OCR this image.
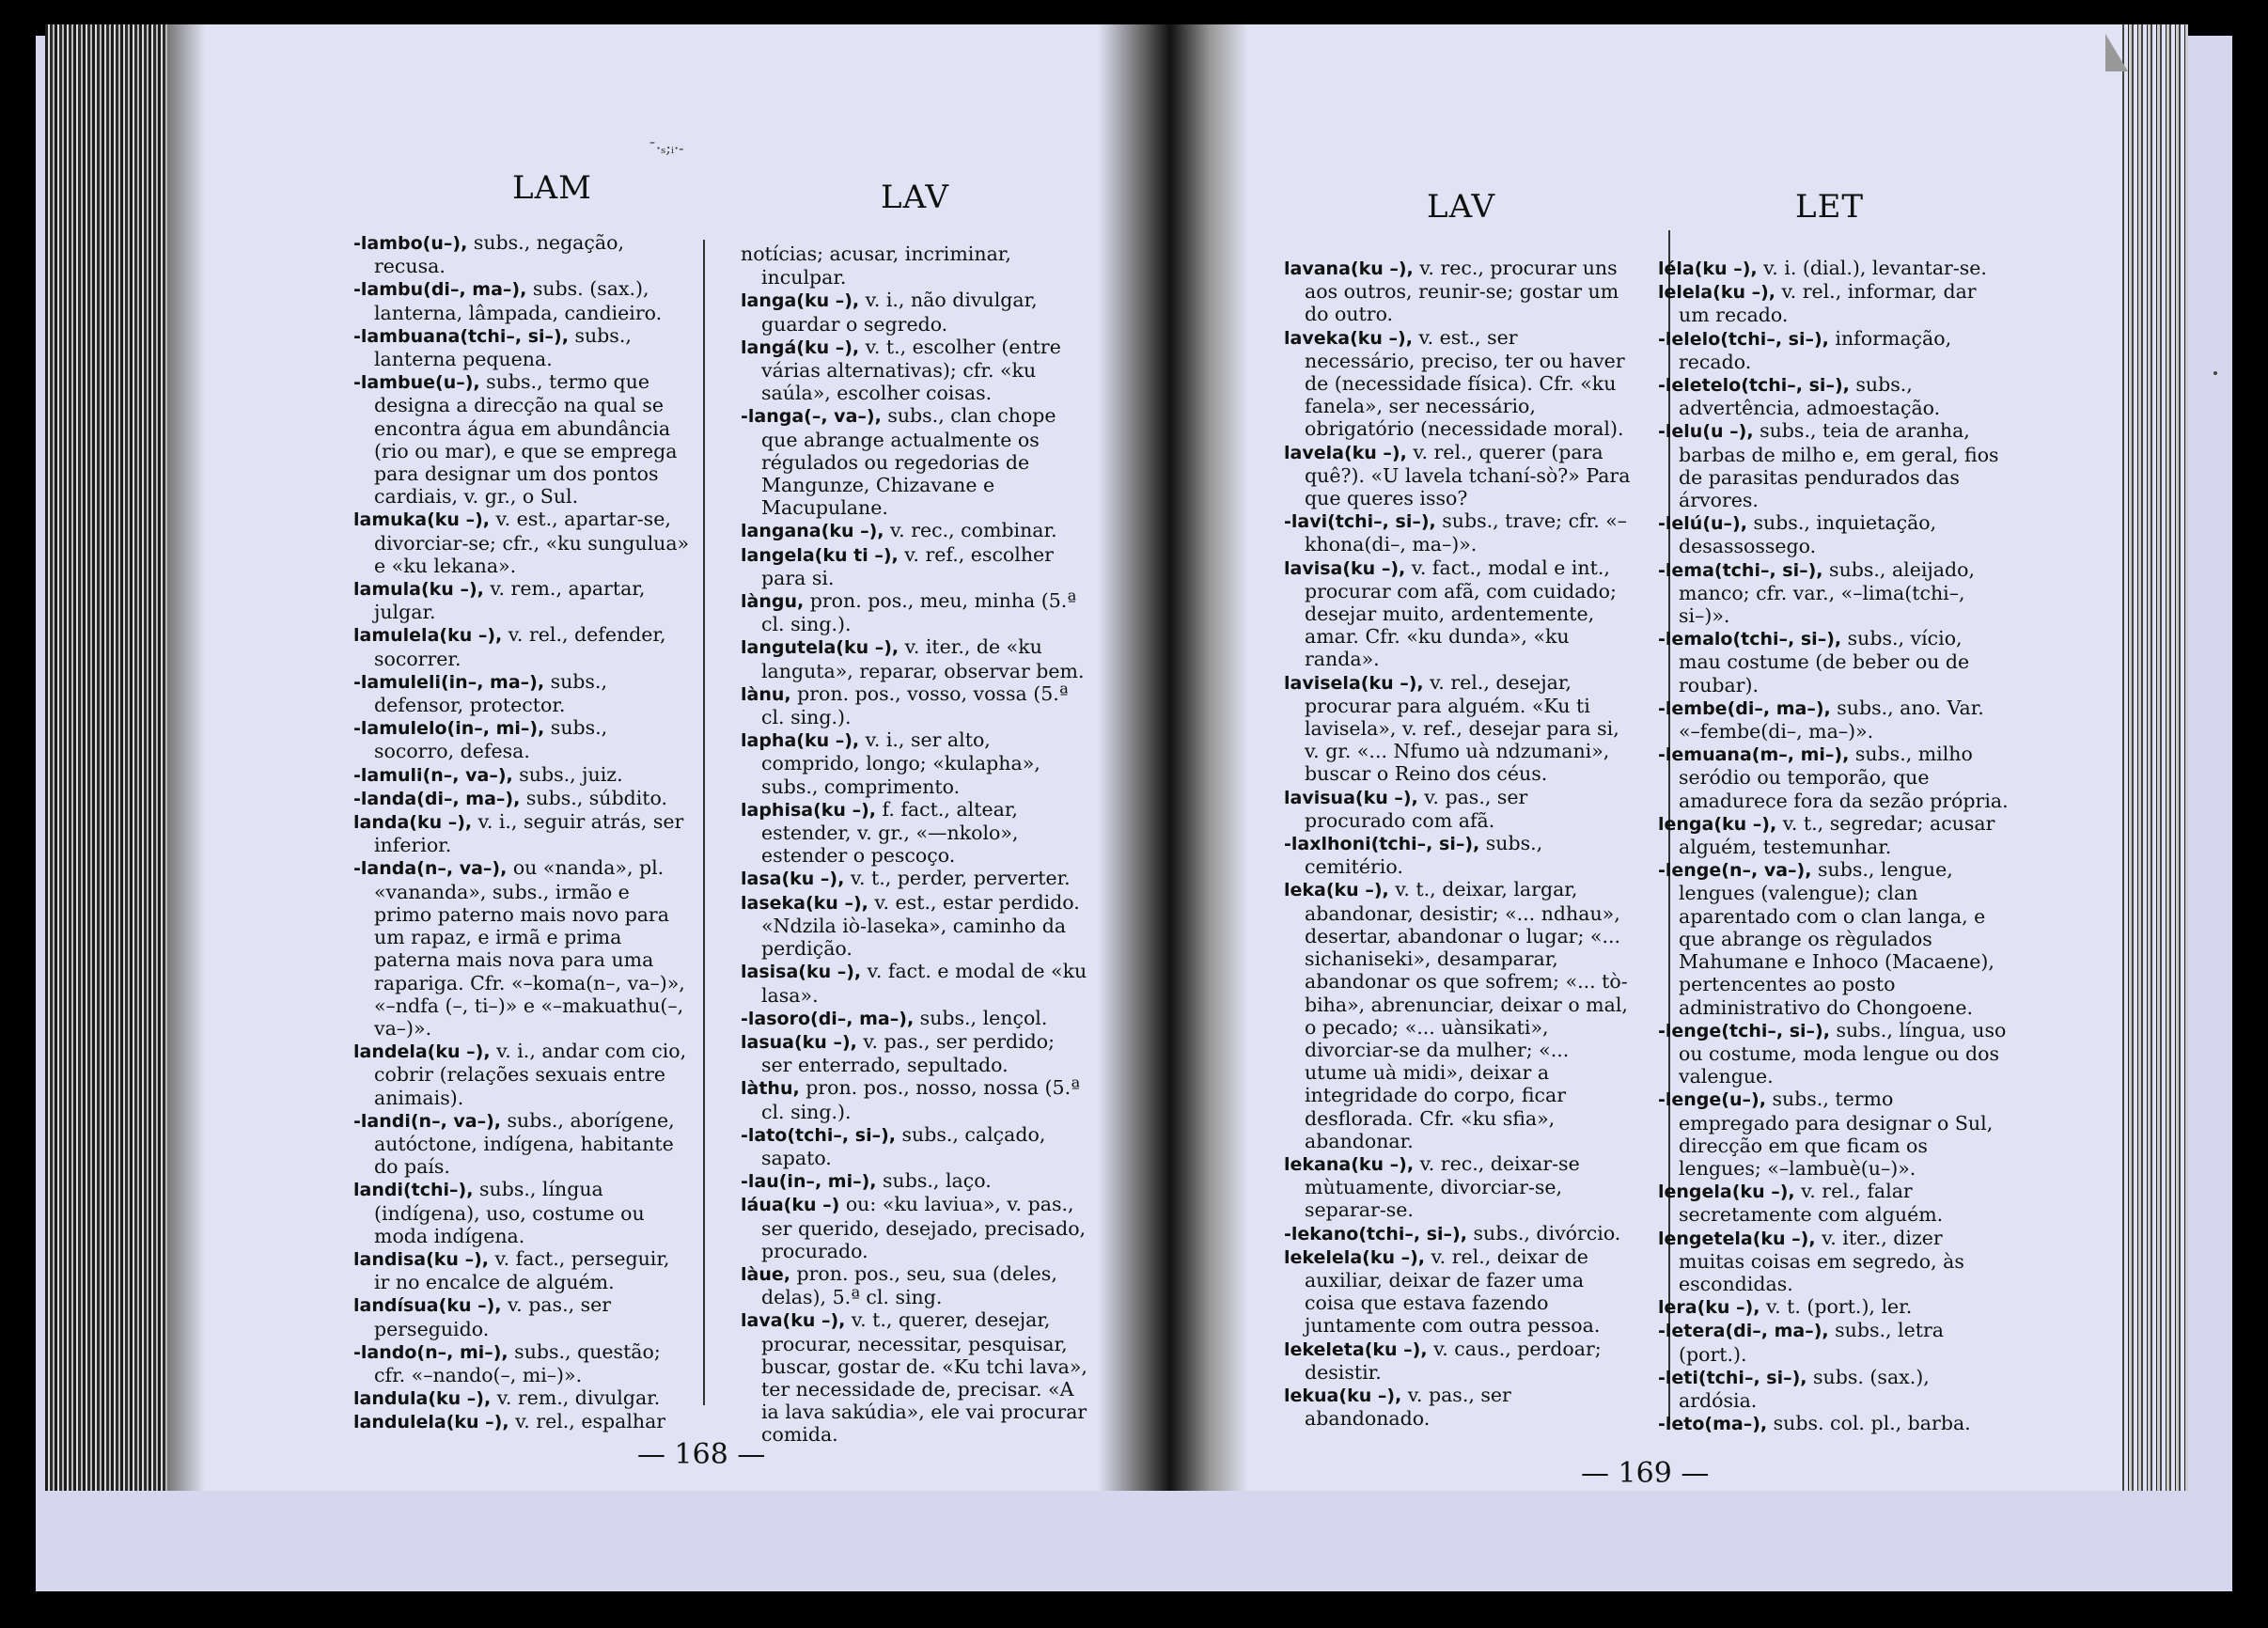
ˉ·ₛ;ᵢ·-
LAM	LAV	LAV	LET

-lambo(u–), subs., negação, recusa.

-lambu(di–, ma–), subs. (sax.), lanterna, lâmpada, candieiro.

-lambuana(tchi–, si–), subs., lanterna pequena.

-lambue(u–), subs., termo que designa a direcção na qual se encontra água em abundância (rio ou mar), e que se emprega para designar um dos pontos cardiais, v. gr., o Sul.

lamuka(ku –), v. est., apartar-se, divorciar-se; cfr., «ku sungulua» e «ku lekana».

lamula(ku –), v. rem., apartar, julgar.

lamulela(ku –), v. rel., defender, socorrer.

-lamuleli(in–, ma–), subs., defensor, protector.

-lamulelo(in–, mi–), subs., socorro, defesa.

-lamuli(n–, va–), subs., juiz.

-landa(di–, ma–), subs., súbdito.

landa(ku –), v. i., seguir atrás, ser inferior.

-landa(n–, va–), ou «nanda», pl. «vananda», subs., irmão e primo paterno mais novo para um rapaz, e irmã e prima paterna mais nova para uma rapariga. Cfr. «–koma(n–, va–)», «–ndfa (–, ti–)» e «–makuathu(–, va–)».

landela(ku –), v. i., andar com cio, cobrir (relações sexuais entre animais).

-landi(n–, va–), subs., aborígene, autóctone, indígena, habitante do país.

landi(tchi–), subs., língua (indígena), uso, costume ou moda indígena.

landisa(ku –), v. fact., perseguir, ir no encalce de alguém.

landísua(ku –), v. pas., ser perseguido.

-lando(n–, mi–), subs., questão; cfr. «–nando(–, mi–)».

landula(ku –), v. rem., divulgar.

landulela(ku –), v. rel., espalhar

notícias; acusar, incriminar, inculpar.

langa(ku –), v. i., não divulgar, guardar o segredo.

langá(ku –), v. t., escolher (entre várias alternativas); cfr. «ku saúla», escolher coisas.

-langa(–, va–), subs., clan chope que abrange actualmente os régulados ou regedorias de Mangunze, Chizavane e Macupulane.

langana(ku –), v. rec., combinar.

langela(ku ti –), v. ref., escolher para si.

làngu, pron. pos., meu, minha (5.ª cl. sing.).

langutela(ku –), v. iter., de «ku languta», reparar, observar bem.

lànu, pron. pos., vosso, vossa (5.ª cl. sing.).

lapha(ku –), v. i., ser alto, comprido, longo; «kulapha», subs., comprimento.

laphisa(ku –), f. fact., altear, estender, v. gr., «—nkolo», estender o pescoço.

lasa(ku –), v. t., perder, perverter.

laseka(ku –), v. est., estar perdido. «Ndzila iò-laseka», caminho da perdição.

lasisa(ku –), v. fact. e modal de «ku lasa».

-lasoro(di–, ma–), subs., lençol.

lasua(ku –), v. pas., ser perdido; ser enterrado, sepultado.

làthu, pron. pos., nosso, nossa (5.ª cl. sing.).

-lato(tchi–, si–), subs., calçado, sapato.

-lau(in–, mi–), subs., laço.

láua(ku –) ou: «ku laviua», v. pas., ser querido, desejado, precisado, procurado.

làue, pron. pos., seu, sua (deles, delas), 5.ª cl. sing.

lava(ku –), v. t., querer, desejar, procurar, necessitar, pesquisar, buscar, gostar de. «Ku tchi lava», ter necessidade de, precisar. «A ia lava sakúdia», ele vai procurar comida.

lavana(ku –), v. rec., procurar uns aos outros, reunir-se; gostar um do outro.

laveka(ku –), v. est., ser necessário, preciso, ter ou haver de (necessidade física). Cfr. «ku fanela», ser necessário, obrigatório (necessidade moral).

lavela(ku –), v. rel., querer (para quê?). «U lavela tchaní-sò?» Para que queres isso?

-lavi(tchi–, si–), subs., trave; cfr. «–khona(di–, ma–)».

lavisa(ku –), v. fact., modal e int., procurar com afã, com cuidado; desejar muito, ardentemente, amar. Cfr. «ku dunda», «ku randa».

lavisela(ku –), v. rel., desejar, procurar para alguém. «Ku ti lavisela», v. ref., desejar para si, v. gr. «... Nfumo uà ndzumani», buscar o Reino dos céus.

lavisua(ku –), v. pas., ser procurado com afã.

-laxlhoni(tchi–, si–), subs., cemitério.

leka(ku –), v. t., deixar, largar, abandonar, desistir; «... ndhau», desertar, abandonar o lugar; «... sichaniseki», desamparar, abandonar os que sofrem; «... tò-biha», abrenunciar, deixar o mal, o pecado; «... uànsikati», divorciar-se da mulher; «... utume uà midi», deixar a integridade do corpo, ficar desflorada. Cfr. «ku sfia», abandonar.

lekana(ku –), v. rec., deixar-se mùtuamente, divorciar-se, separar-se.

-lekano(tchi–, si–), subs., divórcio.

lekelela(ku –), v. rel., deixar de auxiliar, deixar de fazer uma coisa que estava fazendo juntamente com outra pessoa.

lekeleta(ku –), v. caus., perdoar; desistir.

lekua(ku –), v. pas., ser abandonado.

léla(ku –), v. i. (dial.), levantar-se.

lelela(ku –), v. rel., informar, dar um recado.

-lelelo(tchi–, si–), informação, recado.

-leletelo(tchi–, si–), subs., advertência, admoestação.

-lelu(u –), subs., teia de aranha, barbas de milho e, em geral, fios de parasitas pendurados das árvores.

-lelú(u–), subs., inquietação, desassossego.

-lema(tchi–, si–), subs., aleijado, manco; cfr. var., «–lima(tchi–, si–)».

-lemalo(tchi–, si–), subs., vício, mau costume (de beber ou de roubar).

-lembe(di–, ma–), subs., ano. Var. «–fembe(di–, ma–)».

-lemuana(m–, mi–), subs., milho seródio ou temporão, que amadurece fora da sezão própria.

lenga(ku –), v. t., segredar; acusar alguém, testemunhar.

-lenge(n–, va–), subs., lengue, lengues (valengue); clan aparentado com o clan langa, e que abrange os règulados Mahumane e Inhoco (Macaene), pertencentes ao posto administrativo do Chongoene.

-lenge(tchi–, si–), subs., língua, uso ou costume, moda lengue ou dos valengue.

-lenge(u–), subs., termo empregado para designar o Sul, direcção em que ficam os lengues; «–lambuè(u–)».

lengela(ku –), v. rel., falar secretamente com alguém.

lengetela(ku –), v. iter., dizer muitas coisas em segredo, às escondidas.

lera(ku –), v. t. (port.), ler.

-letera(di–, ma–), subs., letra (port.).

-leti(tchi–, si–), subs. (sax.), ardósia.

-leto(ma–), subs. col. pl., barba.

— 168 —
— 169 —
